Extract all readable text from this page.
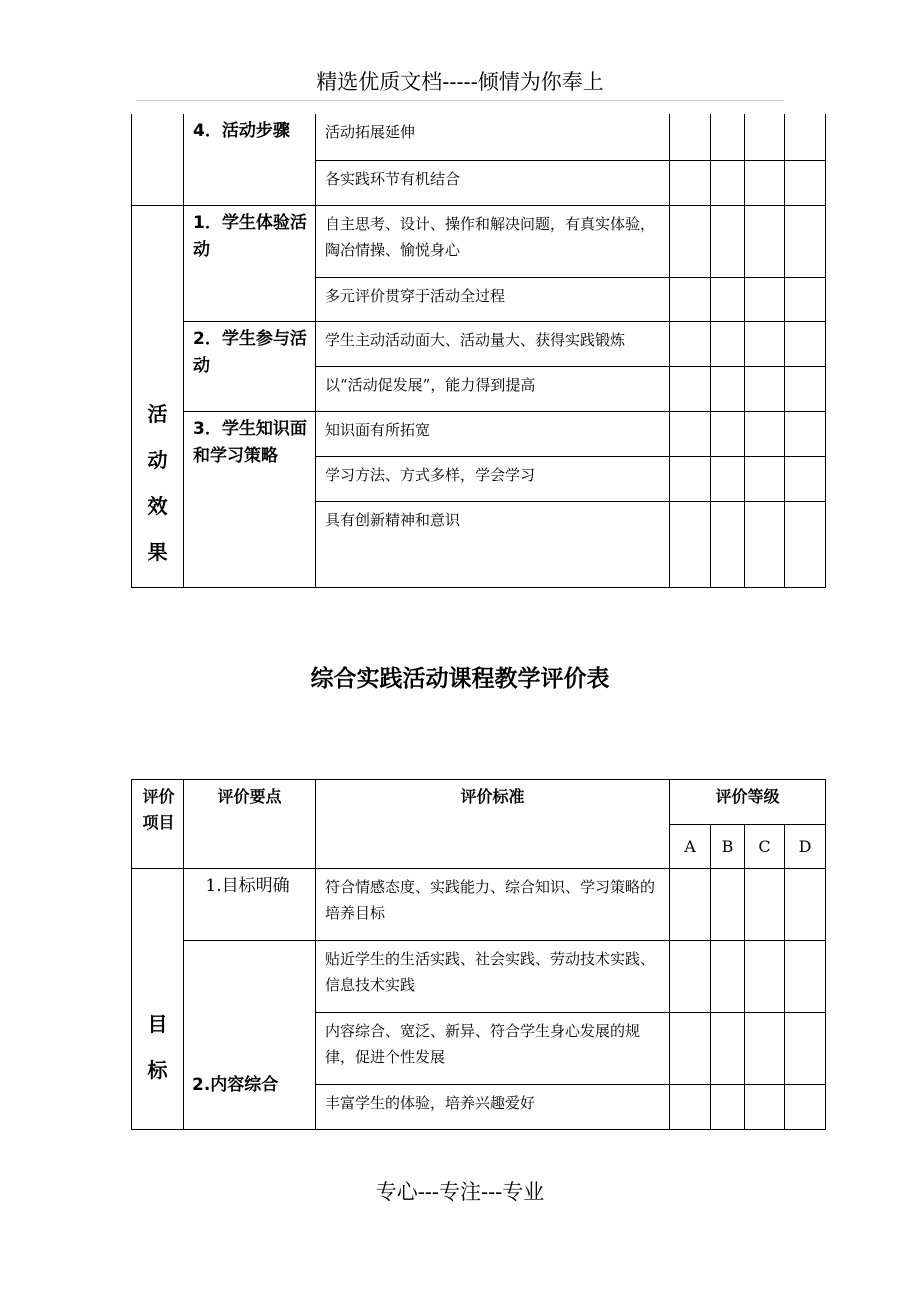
精选优质文档-----倾情为你奉上
	4．活动步骤	活动拓展延伸				
		各实践环节有机结合				

活
动
效
果	1．学生体验活动	自主思考、设计、操作和解决问题，有真实体验，陶冶情操、愉悦身心				
		多元评价贯穿于活动全过程				
	2．学生参与活动	学生主动活动面大、活动量大、获得实践锻炼				
		以“活动促发展”，能力得到提高				
	3．学生知识面和学习策略	知识面有所拓宽				
		学习方法、方式多样，学会学习				
		具有创新精神和意识				
综合实践活动课程教学评价表
评价项目	评价要点	评价标准	评价等级			
			A	B	C	D

目
标	1.目标明确	符合情感态度、实践能力、综合知识、学习策略的培养目标				
	2.内容综合	贴近学生的生活实践、社会实践、劳动技术实践、信息技术实践				
		内容综合、宽泛、新异、符合学生身心发展的规律，促进个性发展				
		丰富学生的体验，培养兴趣爱好				
专心---专注---专业
